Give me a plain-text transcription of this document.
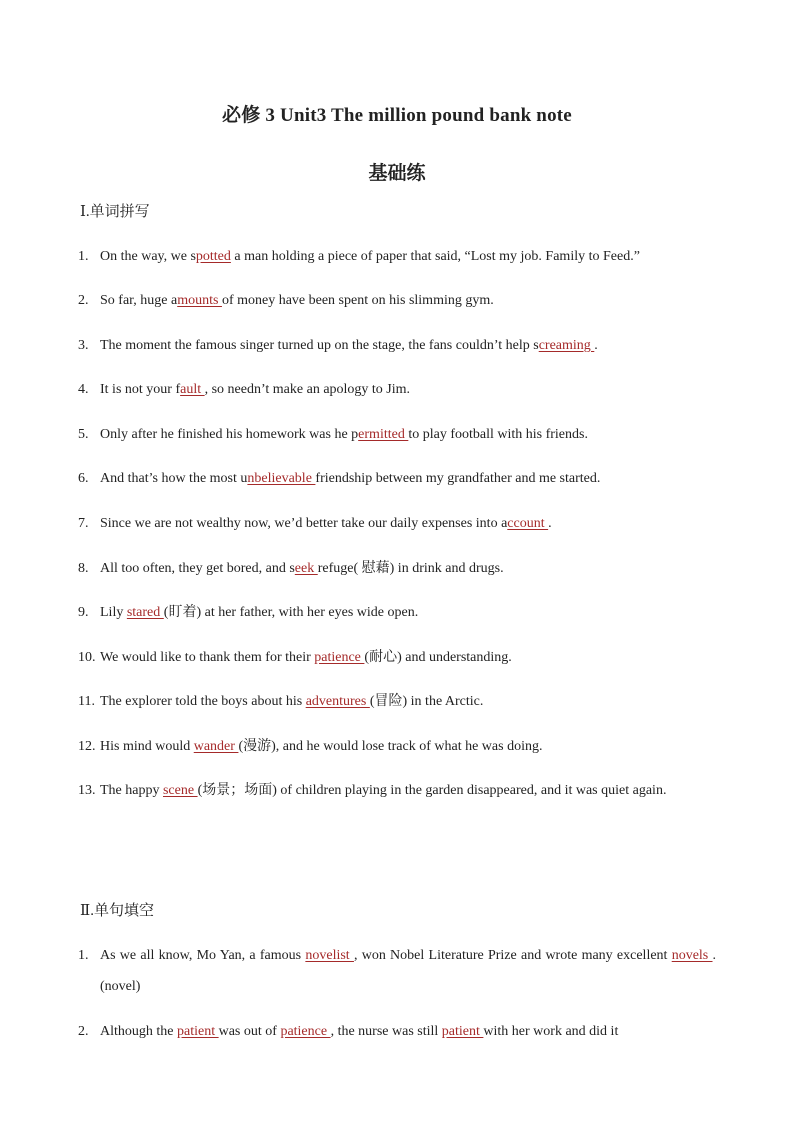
必修 3 Unit3 The million pound bank note
基础练
Ⅰ.单词拼写
1. On the way, we spotted a man holding a piece of paper that said, “Lost my job. Family to Feed.”
2. So far, huge amounts of money have been spent on his slimming gym.
3. The moment the famous singer turned up on the stage, the fans couldn’t help screaming .
4. It is not your fault , so needn’t make an apology to Jim.
5. Only after he finished his homework was he permitted to play football with his friends.
6. And that’s how the most unbelievable friendship between my grandfather and me started.
7. Since we are not wealthy now, we’d better take our daily expenses into account .
8. All too often, they get bored, and seek refuge( 慰藉) in drink and drugs.
9. Lily stared (盯着) at her father, with her eyes wide open.
10. We would like to thank them for their patience (耐心) and understanding.
11. The explorer told the boys about his adventures (冒险) in the Arctic.
12. His mind would wander (漫游), and he would lose track of what he was doing.
13. The happy scene (场景；场面) of children playing in the garden disappeared, and it was quiet again.
Ⅱ.单句填空
1. As we all know, Mo Yan, a famous novelist , won Nobel Literature Prize and wrote many excellent novels . (novel)
2. Although the patient was out of patience , the nurse was still patient with her work and did it
